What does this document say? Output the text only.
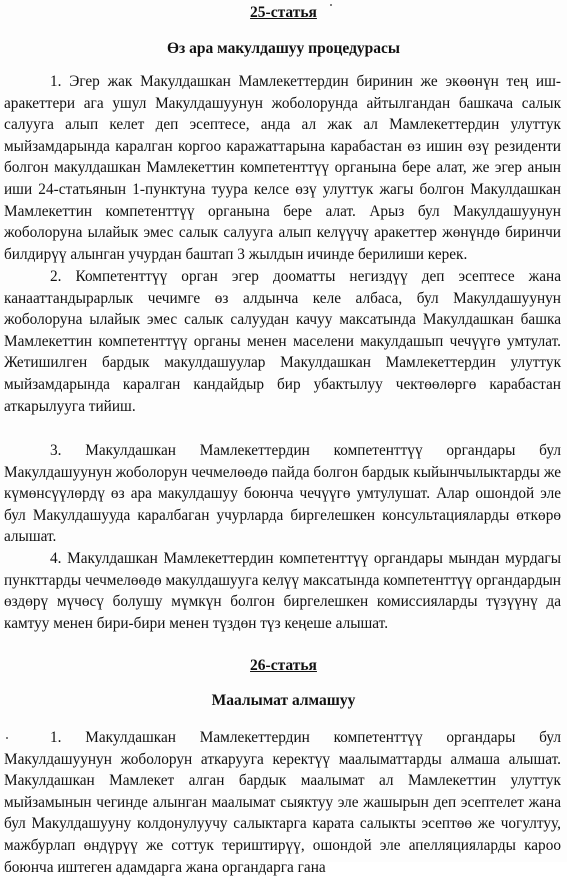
25-статья
Өз ара макулдашуу процедурасы

1. Эгер жак Макулдашкан Мамлекеттердин биринин же экөөнүн тең иш-аракеттери ага ушул Макулдашуунун жоболорунда айтылгандан башкача салык салууга алып келет деп эсептесе, анда ал жак ал Мамлекеттердин улуттук мыйзамдарында каралган коргоо каражаттарына карабастан өз ишин өзү резиденти болгон макулдашкан Мамлекеттин компетенттүү органына бере алат, же эгер анын иши 24-статьянын 1-пунктуна туура келсе өзү улуттук жагы болгон Макулдашкан Мамлекеттин компетенттүү органына бере алат. Арыз бул Макулдашуунун жоболоруна ылайык эмес салык салууга алып келүүчү аракеттер жөнүндө биринчи билдирүү алынган учурдан баштап 3 жылдын ичинде берилиши керек.

2. Компетенттүү орган эгер дооматты негиздүү деп эсептесе жана канааттандырарлык чечимге өз алдынча келе албаса, бул Макулдашуунун жоболоруна ылайык эмес салык салуудан качуу максатында Макулдашкан башка Мамлекеттин компетенттүү органы менен маселени макулдашып чечүүгө умтулат. Жетишилген бардык макулдашуулар Макулдашкан Мамлекеттердин улуттук мыйзамдарында каралган кандайдыр бир убактылуу чектөөлөргө карабастан аткарылууга тийиш.

3. Макулдашкан Мамлекеттердин компетенттүү органдары бул Макулдашуунун жоболорун чечмелөөдө пайда болгон бардык кыйынчылыктарды же күмөнсүүлөрдү өз ара макулдашуу боюнча чечүүгө умтулушат. Алар ошондой эле бул Макулдашууда каралбаган учурларда биргелешкен консультацияларды өткөрө алышат.

4. Макулдашкан Мамлекеттердин компетенттүү органдары мындан мурдагы пункттарды чечмелөөдө макулдашууга келүү максатында компетенттүү органдардын өздөрү мүчөсү болушу мүмкүн болгон биргелешкен комиссияларды түзүүнү да камтуу менен бири-бири менен түздөн түз кеңеше алышат.

26-статья
Маалымат алмашуу

1. Макулдашкан Мамлекеттердин компетенттүү органдары бул Макулдашуунун жоболорун аткарууга керектүү маалыматтарды алмаша алышат. Макулдашкан Мамлекет алган бардык маалымат ал Мамлекеттин улуттук мыйзамынын чегинде алынган маалымат сыяктуу эле жашырын деп эсептелет жана бул Макулдашууну колдонулуучу салыктарга карата салыкты эсептөө же чогултуу, мажбурлап өндүрүү же соттук териштирүү, ошондой эле апелляцияларды кароо боюнча иштеген адамдарга жана органдарга гана
